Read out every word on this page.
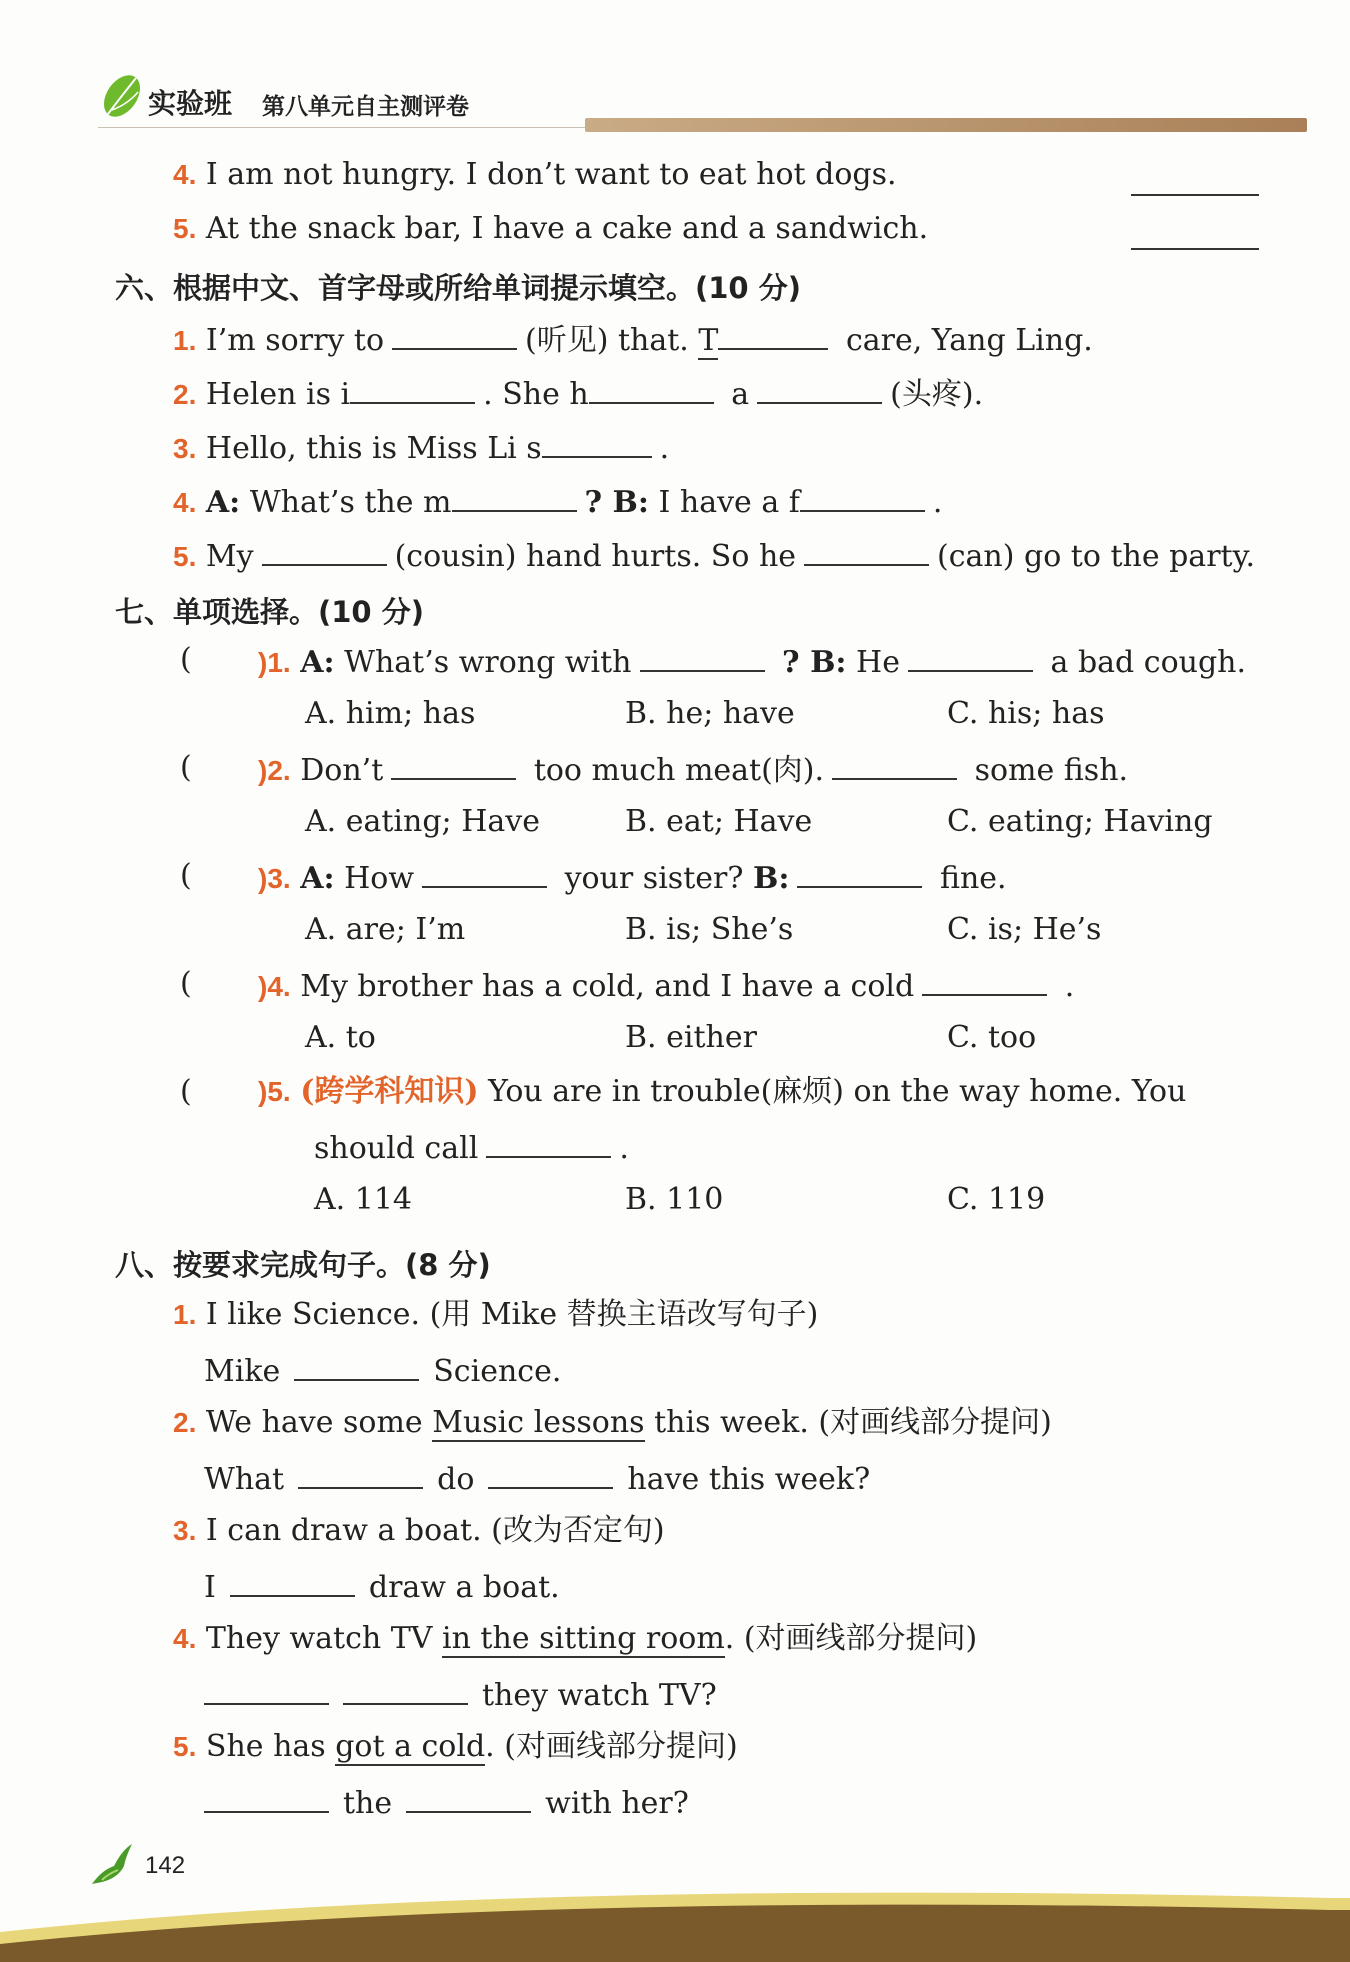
实验班 第八单元自主测评卷
4. I am not hungry. I don’t want to eat hot dogs.
5. At the snack bar, I have a cake and a sandwich.
六、根据中文、首字母或所给单词提示填空。(10 分)
1. I’m sorry to	(听见) that. T	care, Yang Ling.
2. Helen is i	. She h	a	(头疼).
3. Hello, this is Miss Li s	.
4. A: What’s the m	? B: I have a f	.
5. My	(cousin) hand hurts. So he	(can) go to the party.
七、单项选择。(10 分)
( )1. A: What’s wrong with	? B: He	a bad cough.
A. him; has	B. he; have	C. his; has
( )2. Don’t	too much meat(肉).	some fish.
A. eating; Have	B. eat; Have	C. eating; Having
( )3. A: How	your sister? B:	fine.
A. are; I’m	B. is; She’s	C. is; He’s
( )4. My brother has a cold, and I have a cold	.
A. to	B. either	C. too
( )5. (跨学科知识) You are in trouble(麻烦) on the way home. You
should call	.
A. 114	B. 110	C. 119
八、按要求完成句子。(8 分)
1. I like Science. (用 Mike 替换主语改写句子)
Mike	Science.
2. We have some Music lessons this week. (对画线部分提问)
What	do	have this week?
3. I can draw a boat. (改为否定句)
I	draw a boat.
4. They watch TV in the sitting room. (对画线部分提问)
they watch TV?
5. She has got a cold. (对画线部分提问)
the	with her?
142
